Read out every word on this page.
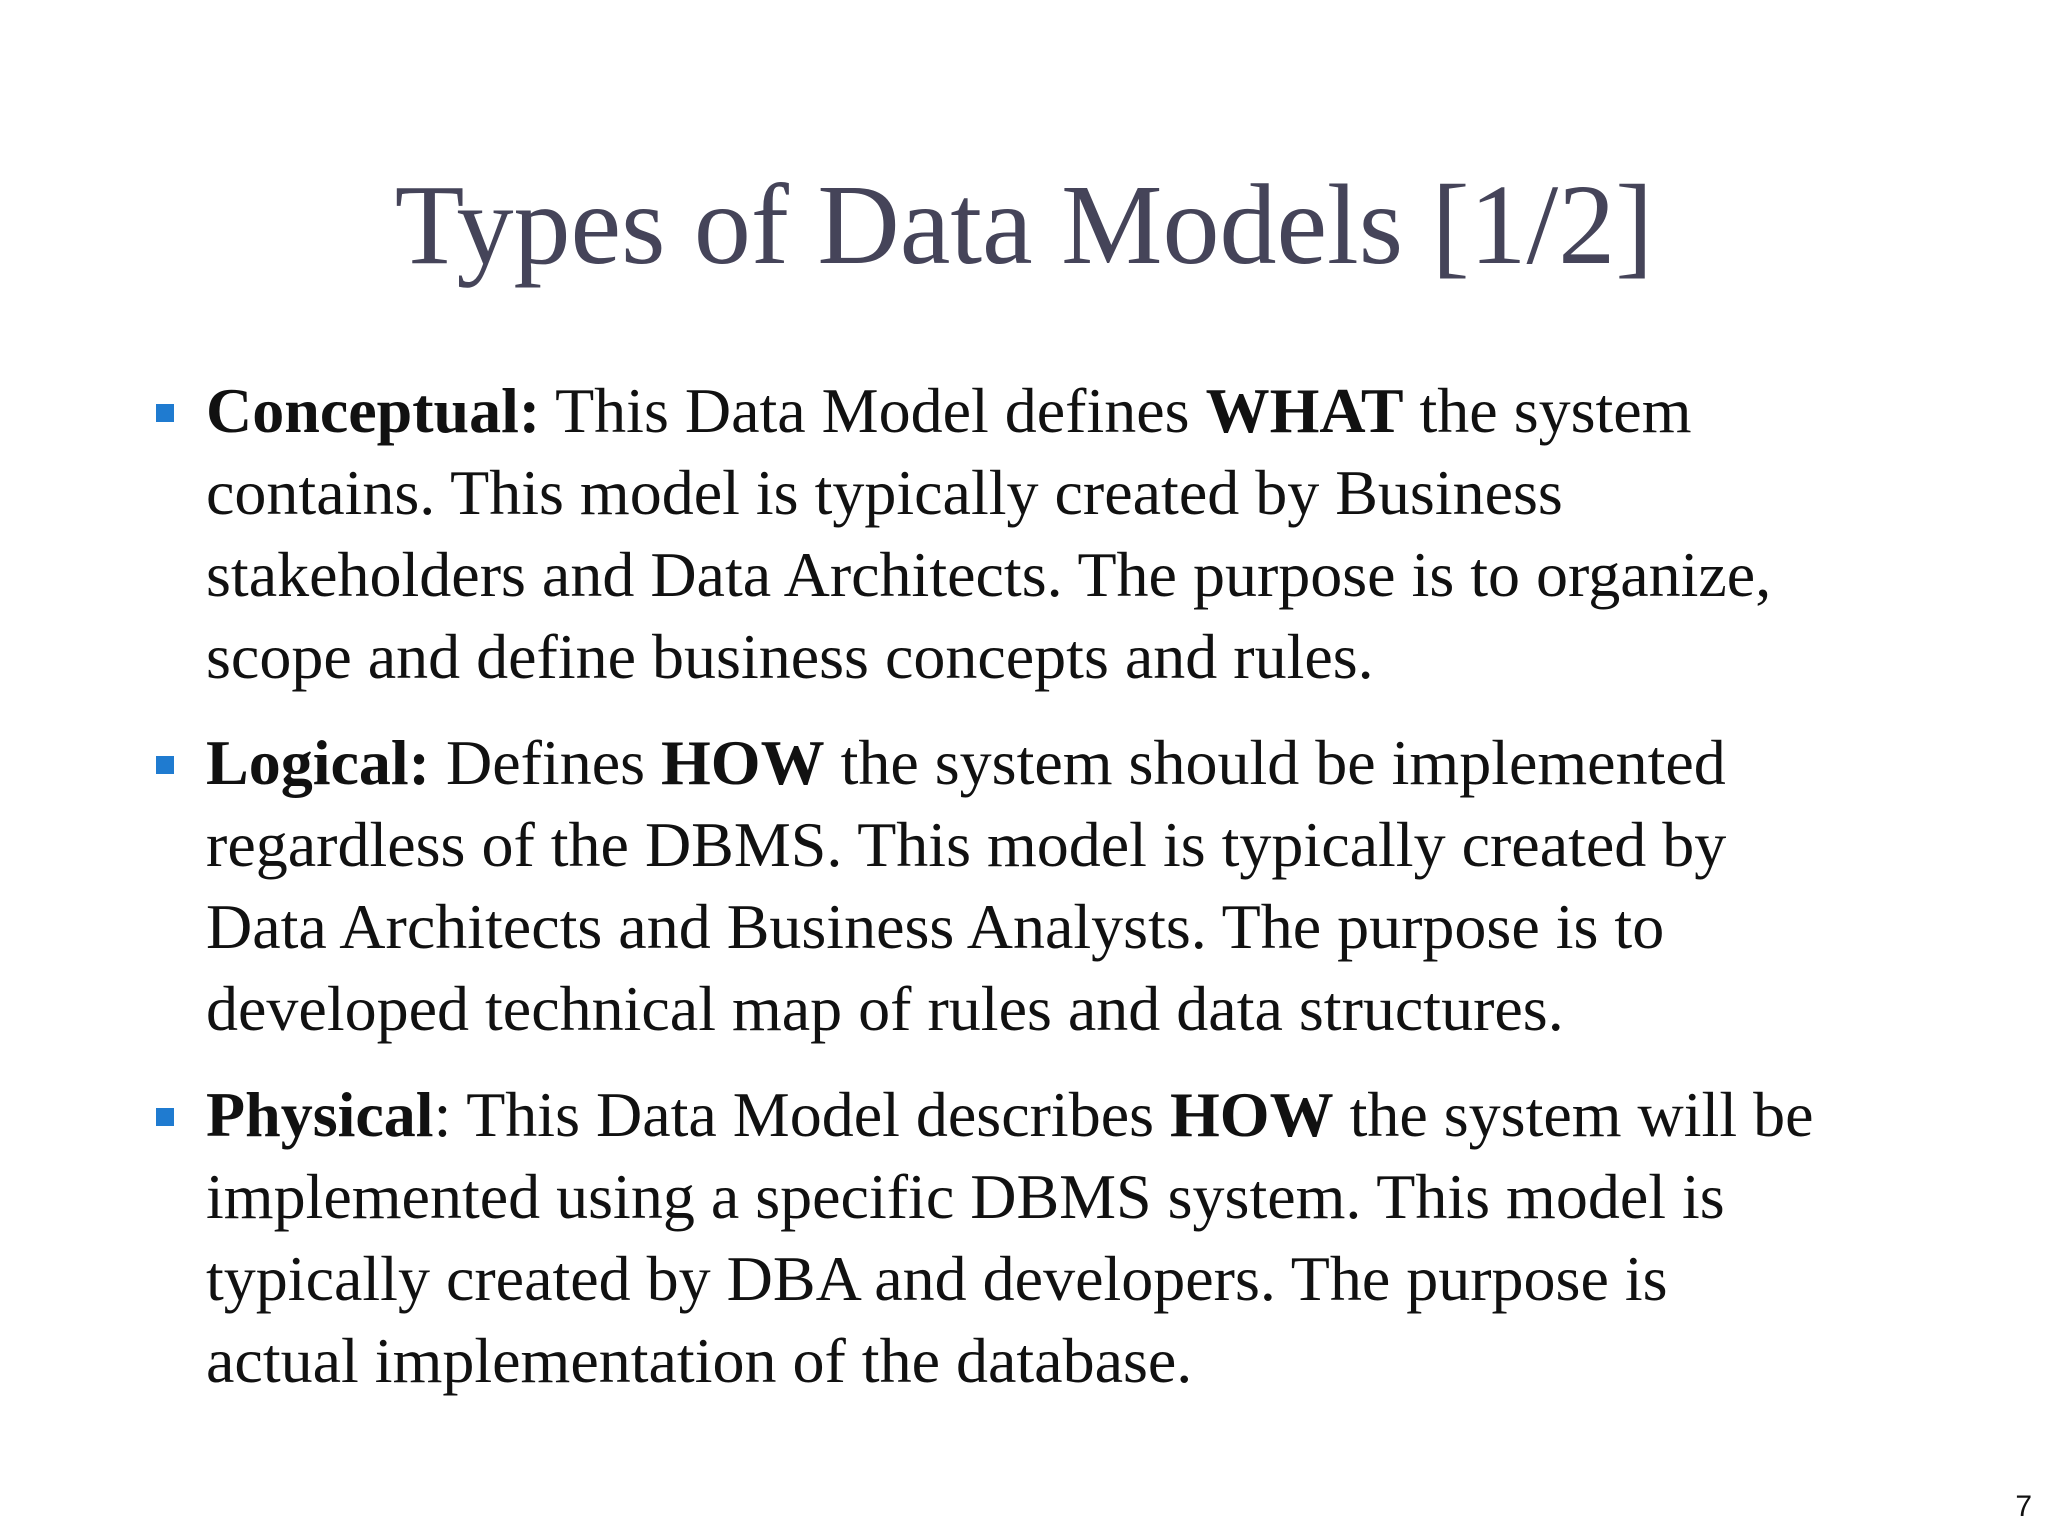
Types of Data Models [1/2]
Conceptual: This Data Model defines WHAT the system
contains. This model is typically created by Business
stakeholders and Data Architects. The purpose is to organize,
scope and define business concepts and rules.
Logical: Defines HOW the system should be implemented
regardless of the DBMS. This model is typically created by
Data Architects and Business Analysts. The purpose is to
developed technical map of rules and data structures.
Physical: This Data Model describes HOW the system will be
implemented using a specific DBMS system. This model is
typically created by DBA and developers. The purpose is
actual implementation of the database.
7
